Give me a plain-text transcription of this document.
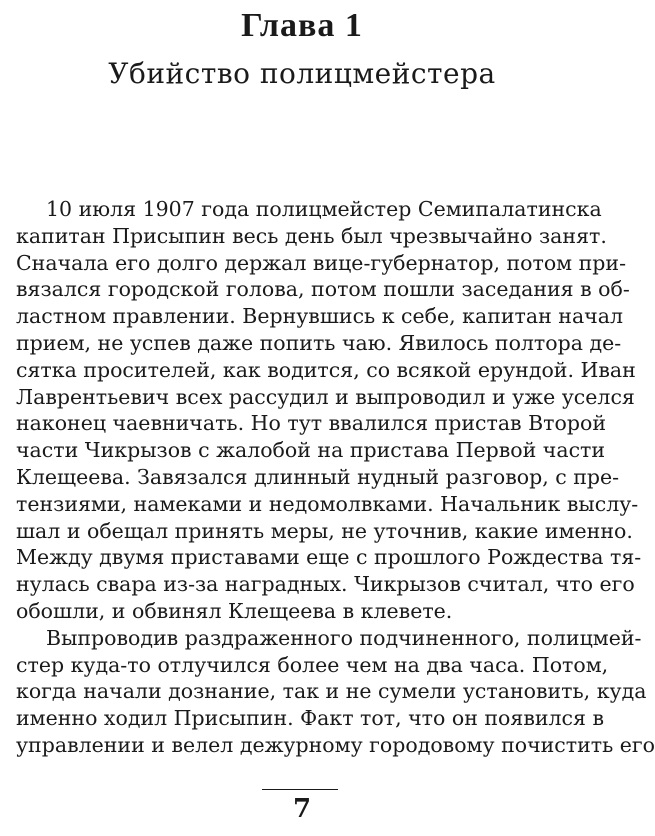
Глава 1
Убийство полицмейстера
10 июля 1907 года полицмейстер Семипалатинска
капитан Присыпин весь день был чрезвычайно занят.
Сначала его долго держал вице-губернатор, потом при-
вязался городской голова, потом пошли заседания в об-
ластном правлении. Вернувшись к себе, капитан начал
прием, не успев даже попить чаю. Явилось полтора де-
сятка просителей, как водится, со всякой ерундой. Иван
Лаврентьевич всех рассудил и выпроводил и уже уселся
наконец чаевничать. Но тут ввалился пристав Второй
части Чикрызов с жалобой на пристава Первой части
Клещеева. Завязался длинный нудный разговор, с пре-
тензиями, намеками и недомолвками. Начальник выслу-
шал и обещал принять меры, не уточнив, какие именно.
Между двумя приставами еще с прошлого Рождества тя-
нулась свара из-за наградных. Чикрызов считал, что его
обошли, и обвинял Клещеева в клевете.
Выпроводив раздраженного подчиненного, полицмей-
стер куда-то отлучился более чем на два часа. Потом,
когда начали дознание, так и не сумели установить, куда
именно ходил Присыпин. Факт тот, что он появился в
управлении и велел дежурному городовому почистить его
7
